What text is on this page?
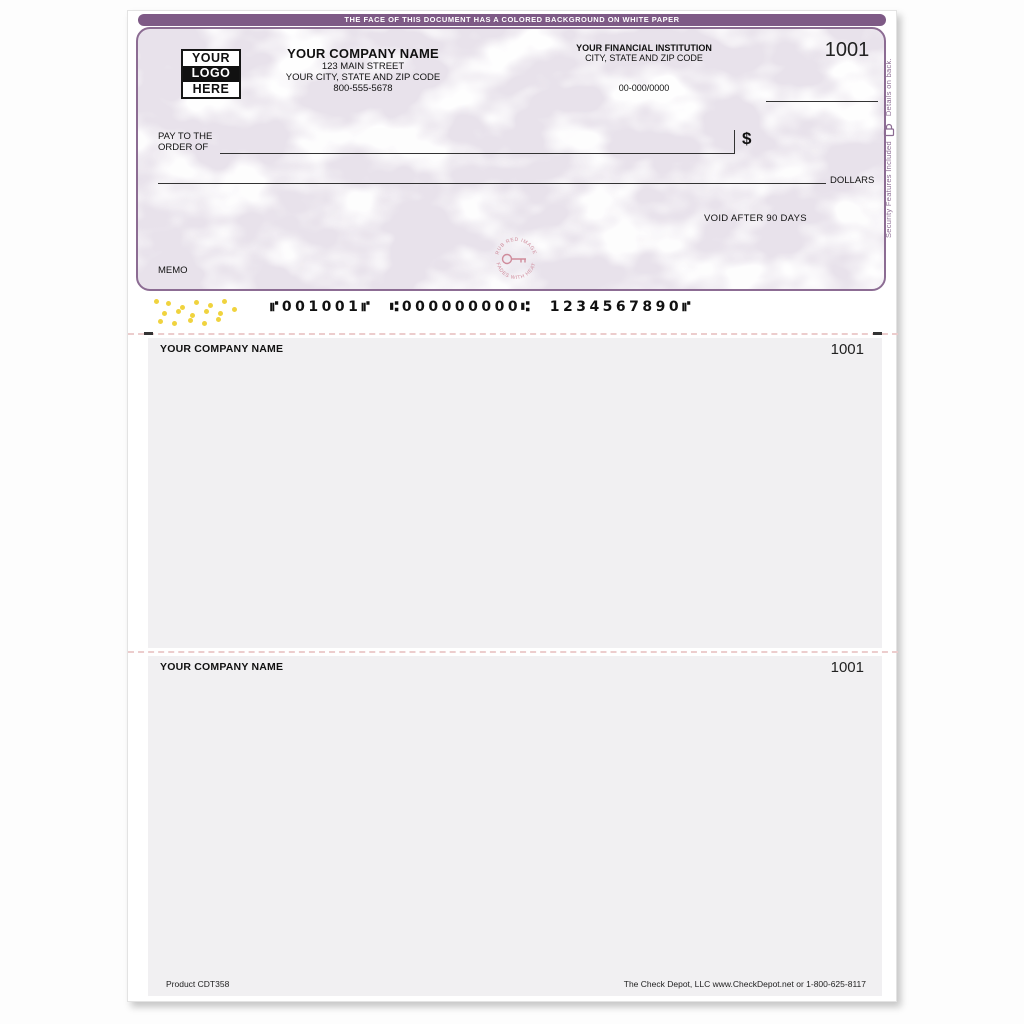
THE FACE OF THIS DOCUMENT HAS A COLORED BACKGROUND ON WHITE PAPER
YOUR
LOGO
HERE
YOUR COMPANY NAME
123 MAIN STREET
YOUR CITY, STATE AND ZIP CODE
800-555-5678
YOUR FINANCIAL INSTITUTION
CITY, STATE AND ZIP CODE
00-000/0000
1001
PAY TO THE
ORDER OF	$
DOLLARS
VOID AFTER 90 DAYS
MEMO
RUB RED IMAGE
FADES WITH HEAT
Security Features Included
Details on back.
⑈001001⑈  ⑆000000000⑆  1234567890⑈
YOUR COMPANY NAME	1001
YOUR COMPANY NAME	1001
Product CDT358	The Check Depot, LLC www.CheckDepot.net or 1-800-625-8117
